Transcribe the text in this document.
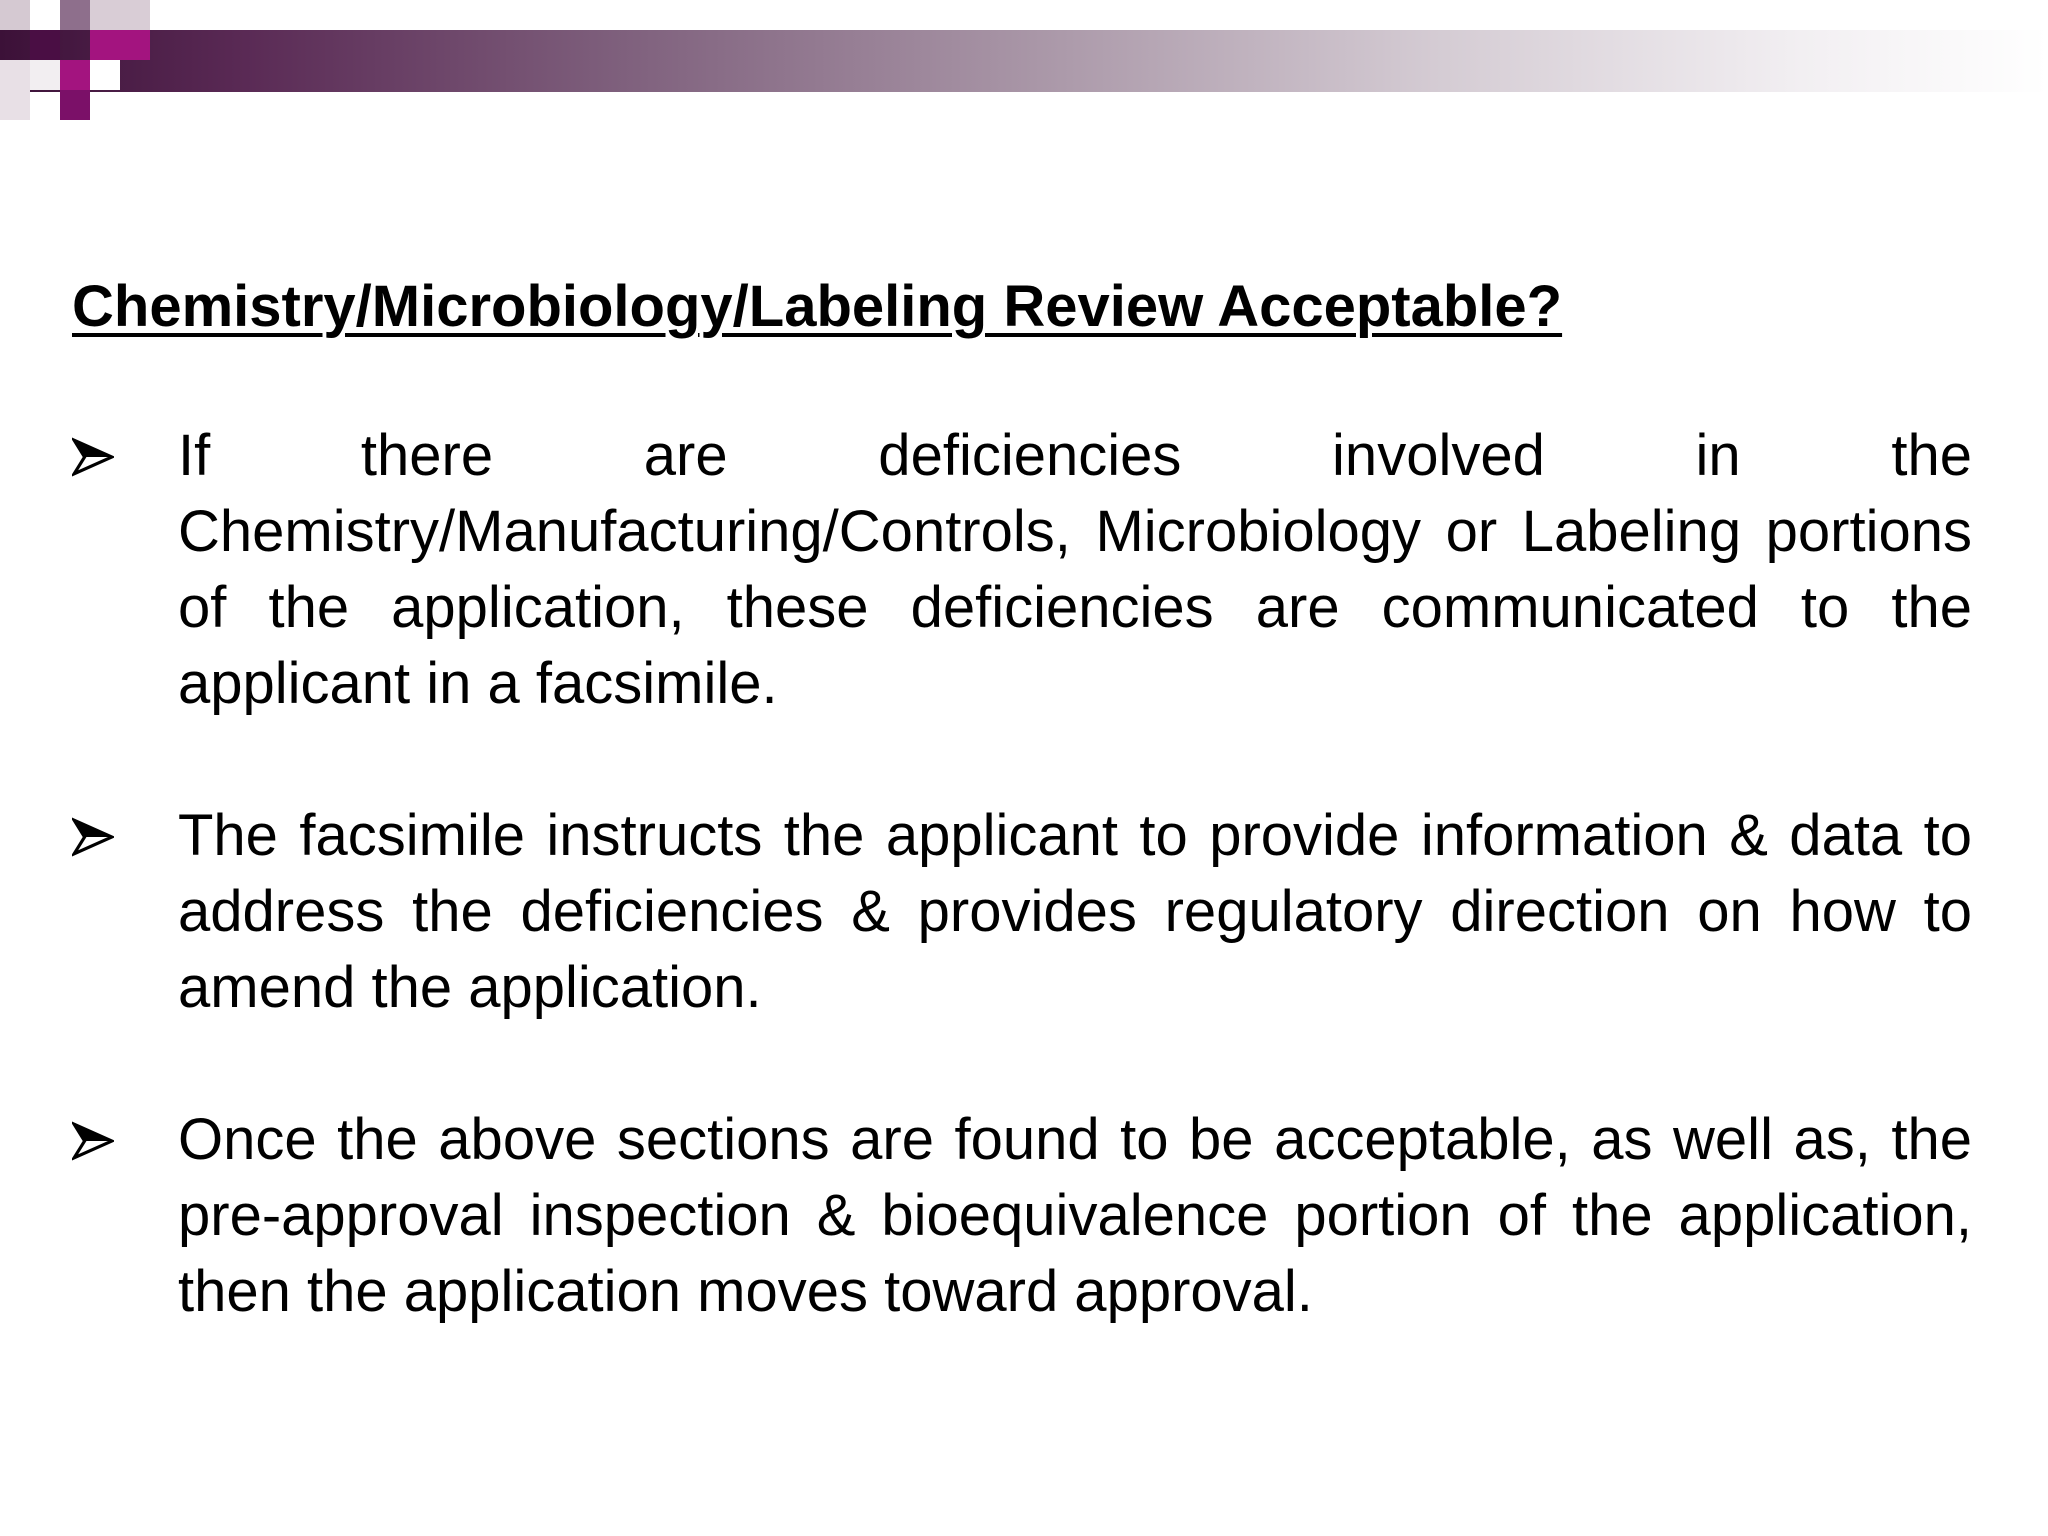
Chemistry/Microbiology/Labeling Review Acceptable?
If there are deficiencies involved in the Chemistry/Manufacturing/Controls, Microbiology or Labeling portions of the application, these deficiencies are communicated to the applicant in a facsimile.
The facsimile instructs the applicant to provide information & data to address the deficiencies & provides regulatory direction on how to amend the application.
Once the above sections are found to be acceptable, as well as, the pre-approval inspection & bioequivalence portion of the application, then the application moves toward approval.
